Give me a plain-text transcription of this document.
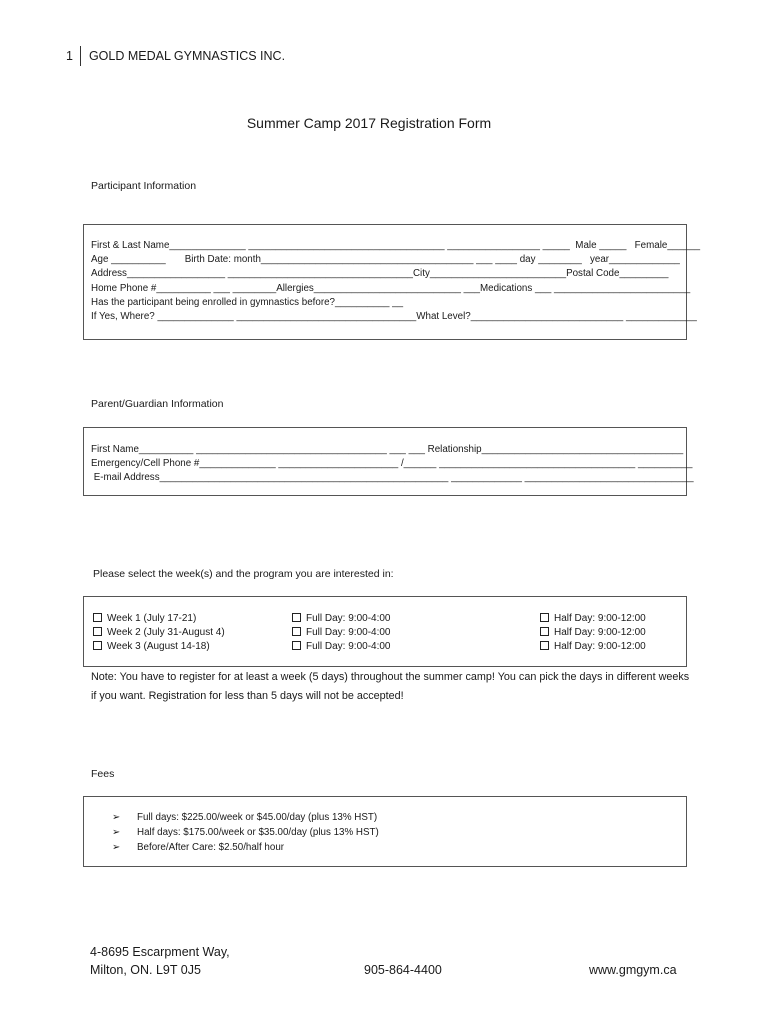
1 GOLD MEDAL GYMNASTICS INC.
Summer Camp 2017 Registration Form
Participant Information
First & Last Name______________ ____________________________________ _________________ _____  Male _____   Female______
Age __________       Birth Date: month_______________________________________ ___ ____ day ________   year_____________
Address__________________ __________________________________City_________________________Postal Code_________
Home Phone #__________ ___ ________Allergies___________________________ ___Medications ___ _________________________
Has the participant being enrolled in gymnastics before?__________ __
If Yes, Where? ______________ _________________________________What Level?____________________________ _____________
Parent/Guardian Information
First Name__________ ___________________________________ ___ ___ Relationship_____________________________________
Emergency/Cell Phone #______________ ______________________ /______ ____________________________________ __________
E-mail Address_____________________________________________________ _____________ _______________________________
Please select the week(s) and the program you are interested in:
Week 1 (July 17-21)
Week 2 (July 31-August 4)
Week 3 (August 14-18)
Full Day: 9:00-4:00
Full Day: 9:00-4:00
Full Day: 9:00-4:00
Half Day: 9:00-12:00
Half Day: 9:00-12:00
Half Day: 9:00-12:00
Note: You have to register for at least a week (5 days) throughout the summer camp! You can pick the days in different weeks if you want. Registration for less than 5 days will not be accepted!
Fees
➢ Full days: $225.00/week or $45.00/day (plus 13% HST)
➢ Half days: $175.00/week or $35.00/day (plus 13% HST)
➢ Before/After Care: $2.50/half hour
4-8695 Escarpment Way,
Milton, ON. L9T 0J5	905-864-4400	www.gmgym.ca
